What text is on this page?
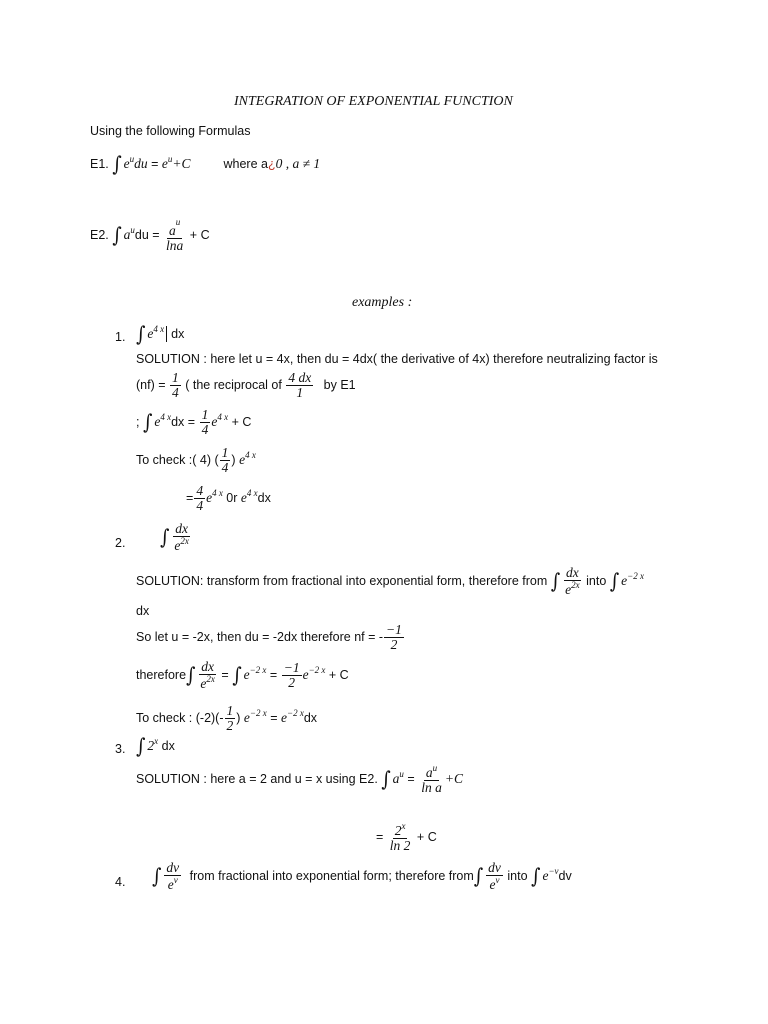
INTEGRATION OF EXPONENTIAL FUNCTION
Using the following Formulas
E1. ∫ $e^udu = e^u+C$	where a¿0 , a ≠ 1
E2. ∫ $a^udu = \frac{a^u}{\ln a} + C$
examples :
1. ∫ $e^{4 x}$ dx
SOLUTION : here let u = 4x, then du = 4dx( the derivative of 4x) therefore neutralizing factor is
$(nf) = \frac{1}{4}$ ( the reciprocal of $\frac{4 dx}{1}$ by E1
; ∫ $e^{4 x}dx = \frac{1}{4} e^{4 x} + C$
To check :( 4) ( $\frac{1}{4}$ ) $e^{4 x}$
= $\frac{4}{4} e^{4 x}$ 0r $e^{4 x}dx$
2. ∫ $\frac{dx}{e^{2x}}$
SOLUTION: transform from fractional into exponential form, therefore from ∫ $\frac{dx}{e^{2x}}$ into ∫ $e^{-2 x}$
dx
So let u = -2x, then du = -2dx therefore nf = - $\frac{-1}{2}$
therefore∫ $\frac{dx}{e^{2x}}$ = ∫ $e^{-2 x} = \frac{-1}{2} e^{-2 x} + C$
To check : $(-2)(- \frac{1}{2}$ ) $e^{-2 x} = e^{-2 x}dx$
3. ∫ 2$^x$ dx
SOLUTION : here a = 2 and u = x using E2. ∫ $a^u = \frac{a^u}{\text{ln a}} +C$
= $\frac{2^x}{\ln 2} + C$
4. ∫ $\frac{dv}{e^v}$ from fractional into exponential form; therefore from∫ $\frac{dv}{e^v}$ into ∫ $e^{-v}dv$
